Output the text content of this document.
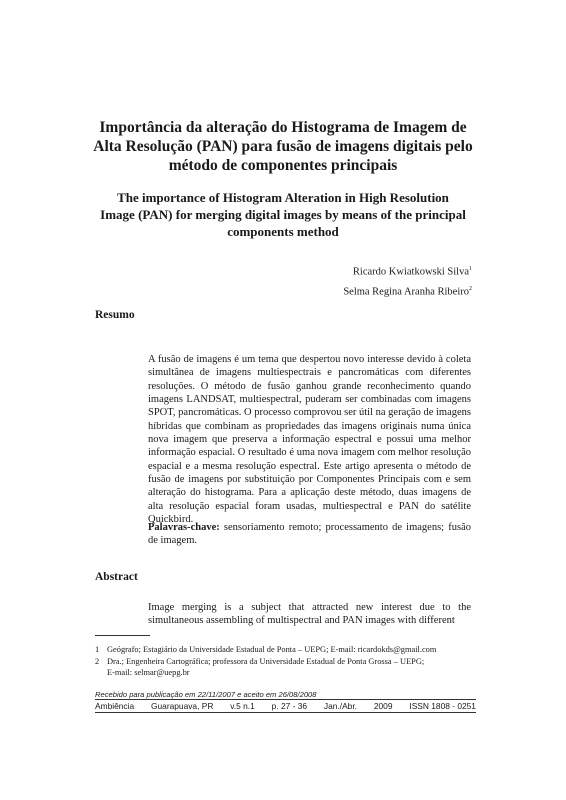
Importância da alteração do Histograma de Imagem de
Alta Resolução (PAN) para fusão de imagens digitais pelo
método de componentes principais
The importance of Histogram Alteration in High Resolution
Image (PAN) for merging digital images by means of the principal
components method
Ricardo Kwiatkowski Silva$^1$
Selma Regina Aranha Ribeiro$^2$
Resumo
A fusão de imagens é um tema que despertou novo interesse devido à coleta simultânea de imagens multiespectrais e pancromáticas com diferentes resoluções. O método de fusão ganhou grande reconhecimento quando imagens LANDSAT, multiespectral, puderam ser combinadas com imagens SPOT, pancromáticas. O processo comprovou ser útil na geração de imagens híbridas que combinam as propriedades das imagens originais numa única nova imagem que preserva a informação espectral e possui uma melhor informação espacial. O resultado é uma nova imagem com melhor resolução espacial e a mesma resolução espectral. Este artigo apresenta o método de fusão de imagens por substituição por Componentes Principais com e sem alteração do histograma. Para a aplicação deste método, duas imagens de alta resolução espacial foram usadas, multiespectral e PAN do satélite Quickbird.
Palavras-chave: sensoriamento remoto; processamento de imagens; fusão de imagem.
Abstract
Image merging is a subject that attracted new interest due to the simultaneous assembling of multispectral and PAN images with different
1 Geógrafo; Estagiário da Universidade Estadual de Ponta – UEPG; E-mail: ricardokds@gmail.com
2 Dra.; Engenheira Cartográfica; professora da Universidade Estadual de Ponta Grossa – UEPG;
E-mail: selmar@uepg.br
Recebido para publicação em 22/11/2007 e aceito em 26/08/2008
Ambiência Guarapuava, PR v.5 n.1 p. 27 - 36 Jan./Abr. 2009 ISSN 1808 - 0251
